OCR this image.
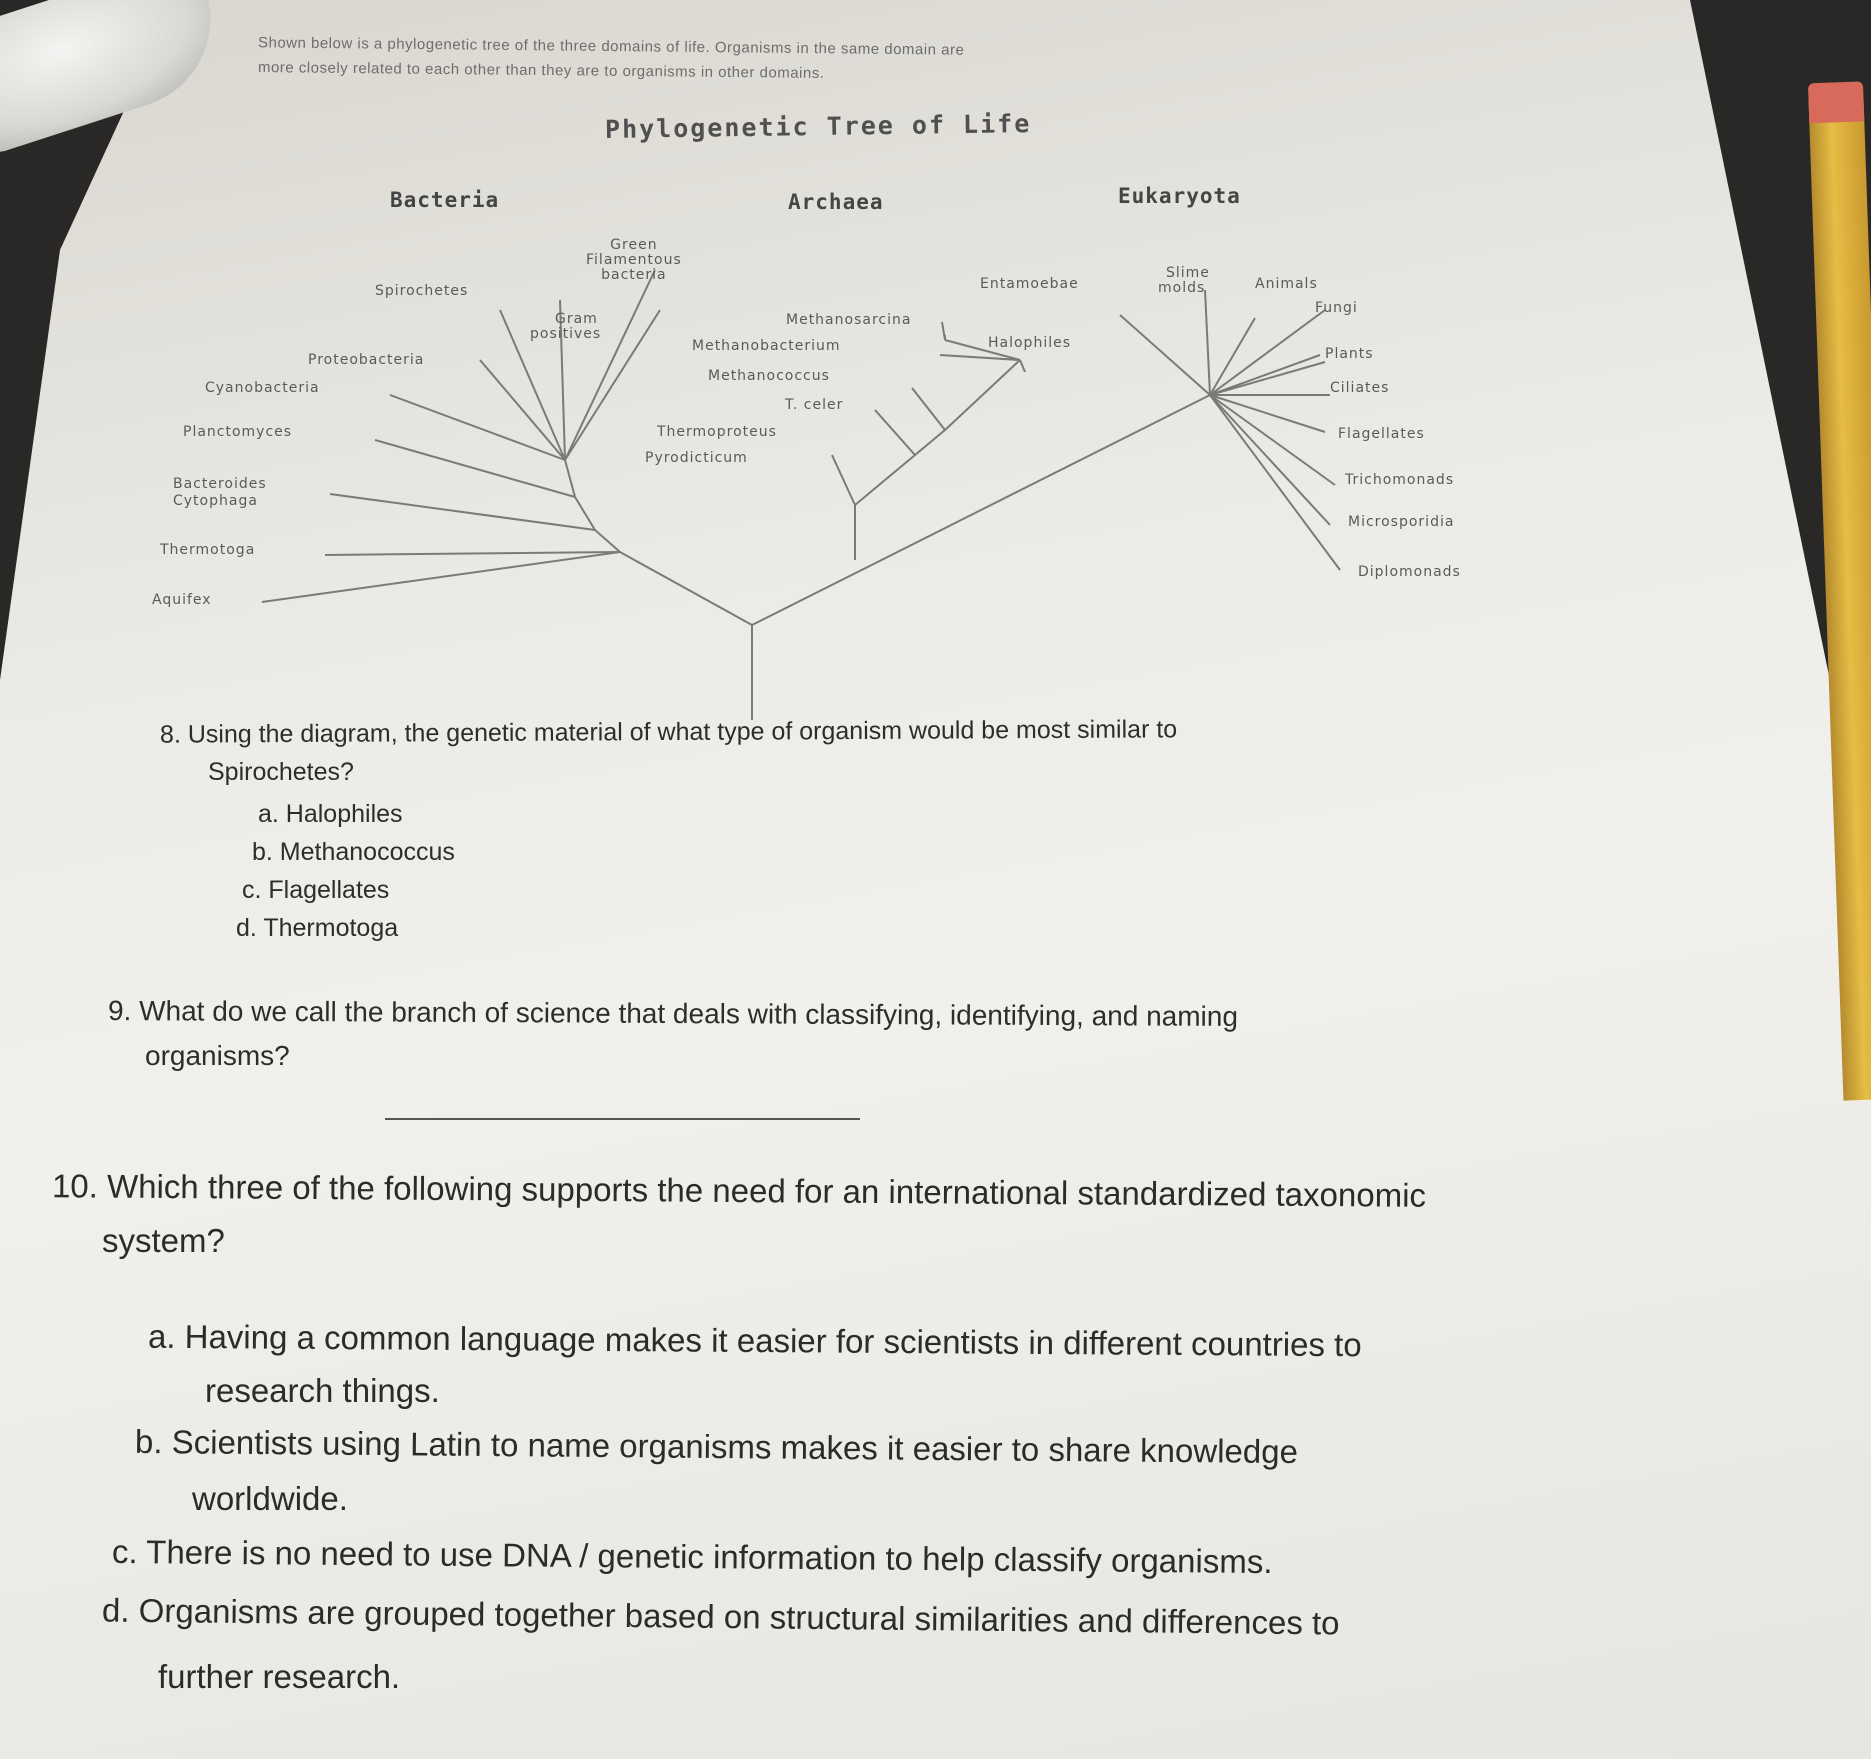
Shown below is a phylogenetic tree of the three domains of life. Organisms in the same domain are

more closely related to each other than they are to organisms in other domains.

Phylogenetic Tree of Life

Bacteria	Archaea	Eukaryota

Green
Filamentous
bacteria
Spirochetes
Gram
positives
Proteobacteria
Cyanobacteria
Planctomyces
Bacteroides
Cytophaga
Thermotoga
Aquifex
Methanosarcina
Methanobacterium	Halophiles
Methanococcus
T. celer
Thermoproteus
Pyrodicticum
Entamoebae
Slime
molds	Animals
Fungi
Plants
Ciliates
Flagellates
Trichomonads
Microsporidia
Diplomonads

8. Using the diagram, the genetic material of what type of organism would be most similar to

Spirochetes?

a. Halophiles

b. Methanococcus

c. Flagellates

d. Thermotoga

9. What do we call the branch of science that deals with classifying, identifying, and naming

organisms?

10. Which three of the following supports the need for an international standardized taxonomic

system?

a. Having a common language makes it easier for scientists in different countries to

research things.

b. Scientists using Latin to name organisms makes it easier to share knowledge

worldwide.

c. There is no need to use DNA / genetic information to help classify organisms.

d. Organisms are grouped together based on structural similarities and differences to

further research.
